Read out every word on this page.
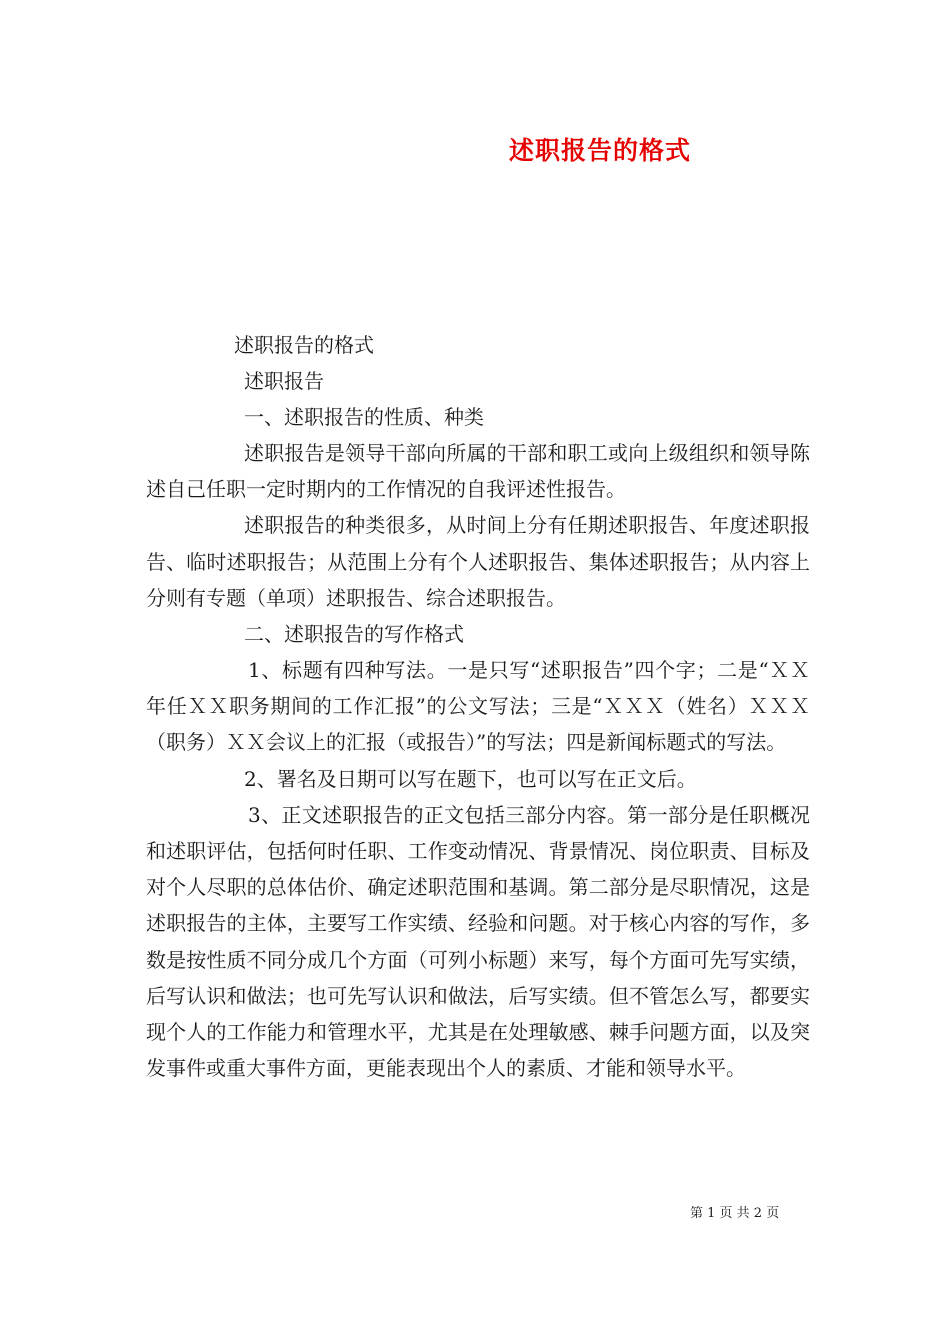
述职报告的格式
述职报告的格式
述职报告
一、述职报告的性质、种类
述职报告是领导干部向所属的干部和职工或向上级组织和领导陈述自己任职一定时期内的工作情况的自我评述性报告。
述职报告的种类很多，从时间上分有任期述职报告、年度述职报告、临时述职报告；从范围上分有个人述职报告、集体述职报告；从内容上分则有专题（单项）述职报告、综合述职报告。
二、述职报告的写作格式
1、标题有四种写法。一是只写“述职报告”四个字；二是“ＸＸ年任ＸＸ职务期间的工作汇报”的公文写法；三是“ＸＸＸ（姓名）ＸＸＸ（职务）ＸＸ会议上的汇报（或报告）”的写法；四是新闻标题式的写法。
2、署名及日期可以写在题下，也可以写在正文后。
3、正文述职报告的正文包括三部分内容。第一部分是任职概况和述职评估，包括何时任职、工作变动情况、背景情况、岗位职责、目标及对个人尽职的总体估价、确定述职范围和基调。第二部分是尽职情况，这是述职报告的主体，主要写工作实绩、经验和问题。对于核心内容的写作，多数是按性质不同分成几个方面（可列小标题）来写，每个方面可先写实绩，后写认识和做法；也可先写认识和做法，后写实绩。但不管怎么写，都要实现个人的工作能力和管理水平，尤其是在处理敏感、棘手问题方面，以及突发事件或重大事件方面，更能表现出个人的素质、才能和领导水平。
第 1 页 共 2 页
